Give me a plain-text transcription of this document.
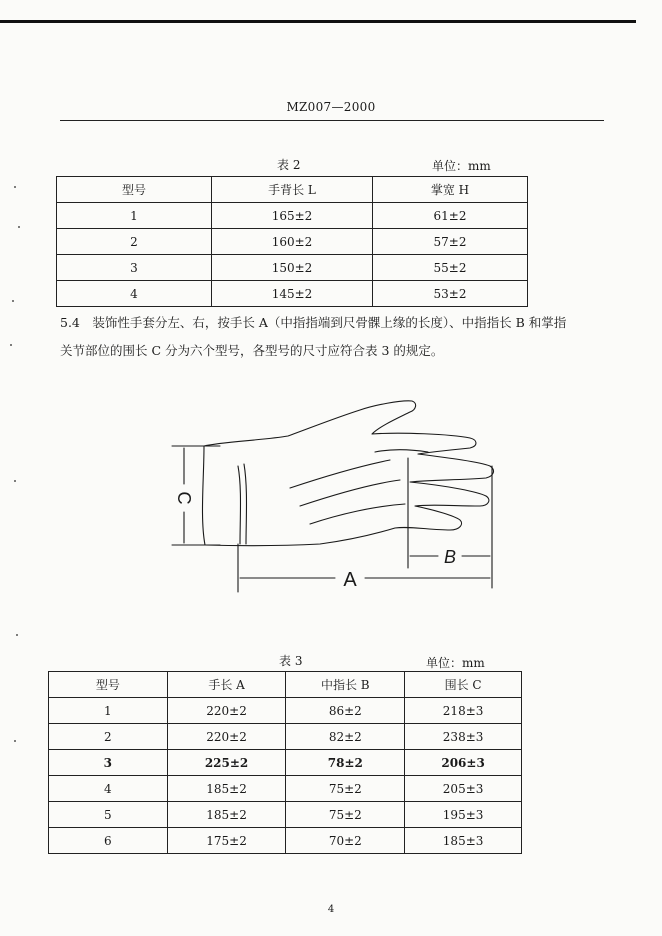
MZ007—2000
表 2	单位：mm
型号	手背长 L	掌宽 H
1	165±2	61±2
2	160±2	57±2
3	150±2	55±2
4	145±2	53±2
5.4　装饰性手套分左、右，按手长 A（中指指端到尺骨髁上缘的长度）、中指指长 B 和掌指
关节部位的围长 C 分为六个型号，各型号的尺寸应符合表 3 的规定。
C
B
A
表 3	单位：mm
型号	手长 A	中指长 B	围长 C
1	220±2	86±2	218±3
2	220±2	82±2	238±3
3	225±2	78±2	206±3
4	185±2	75±2	205±3
5	185±2	75±2	195±3
6	175±2	70±2	185±3
4
